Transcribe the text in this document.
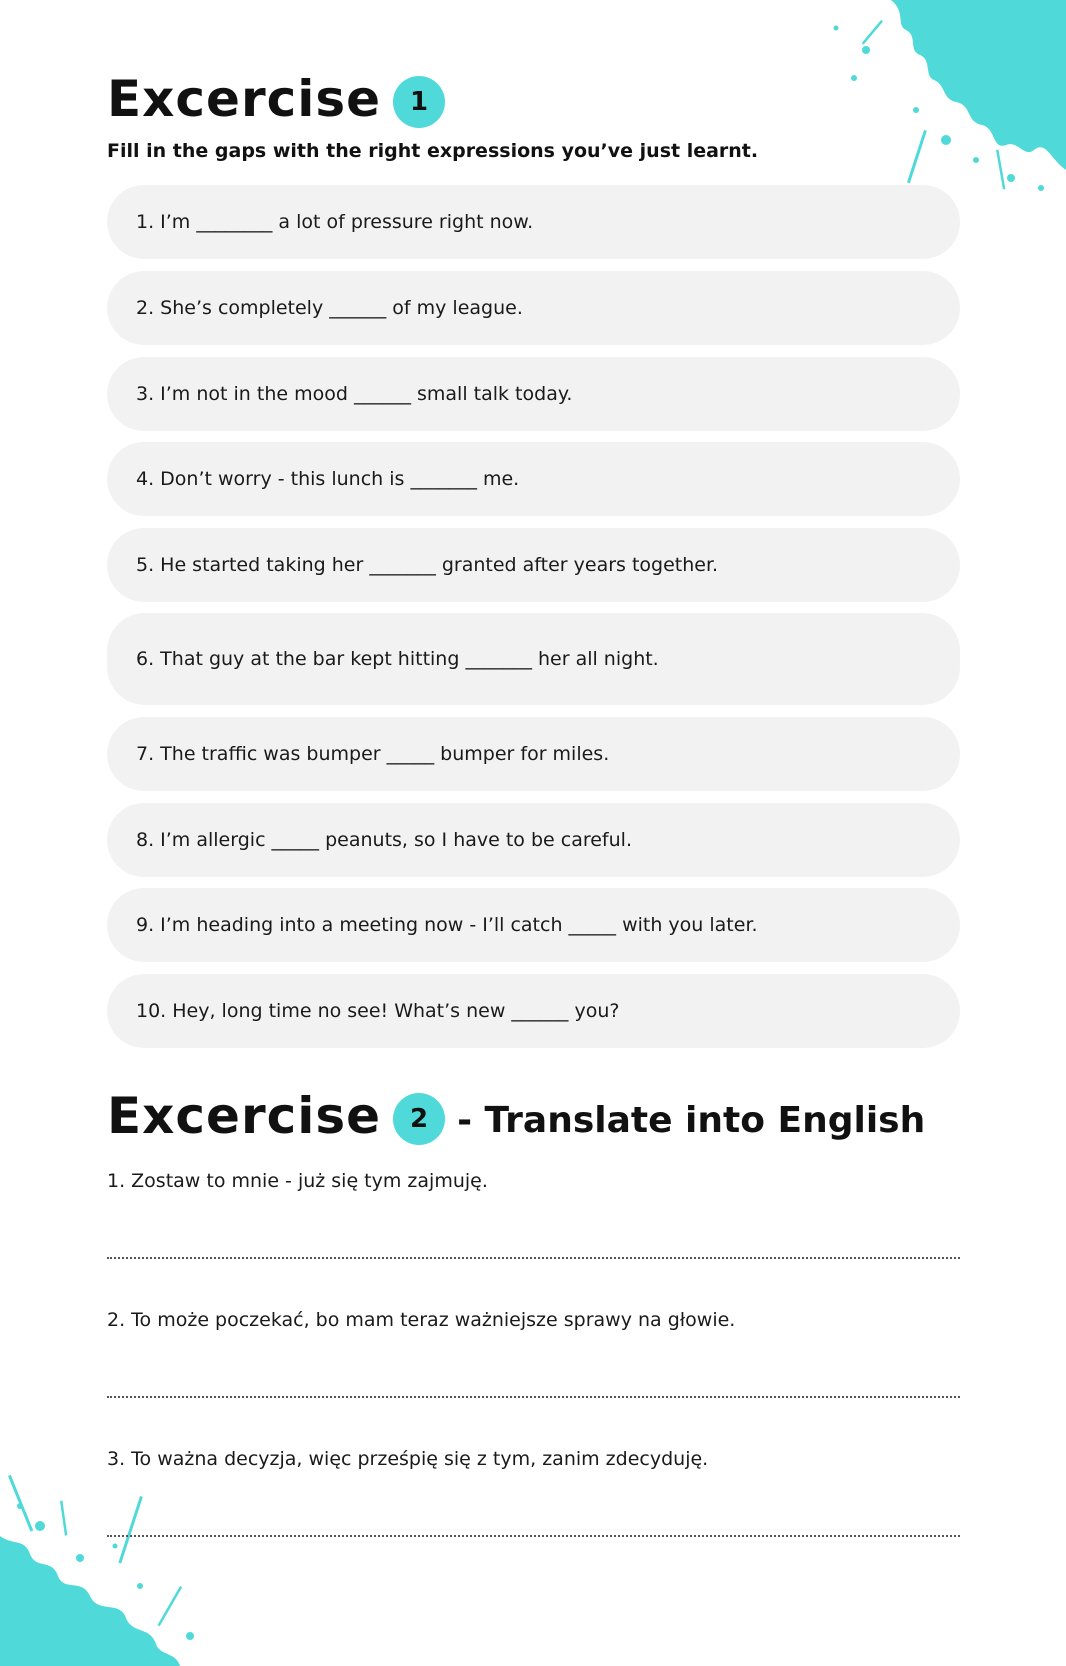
Excercise	1
Fill in the gaps with the right expressions you’ve just learnt.
1. I’m ________ a lot of pressure right now.
2. She’s completely ______ of my league.
3. I’m not in the mood ______ small talk today.
4. Don’t worry - this lunch is _______ me.
5. He started taking her _______ granted after years together.
6. That guy at the bar kept hitting _______ her all night.
7. The traffic was bumper _____ bumper for miles.
8. I’m allergic _____ peanuts, so I have to be careful.
9. I’m heading into a meeting now - I’ll catch _____ with you later.
10. Hey, long time no see! What’s new ______ you?
Excercise	2 - Translate into English
1. Zostaw to mnie - już się tym zajmuję.
2. To może poczekać, bo mam teraz ważniejsze sprawy na głowie.
3. To ważna decyzja, więc prześpię się z tym, zanim zdecyduję.
